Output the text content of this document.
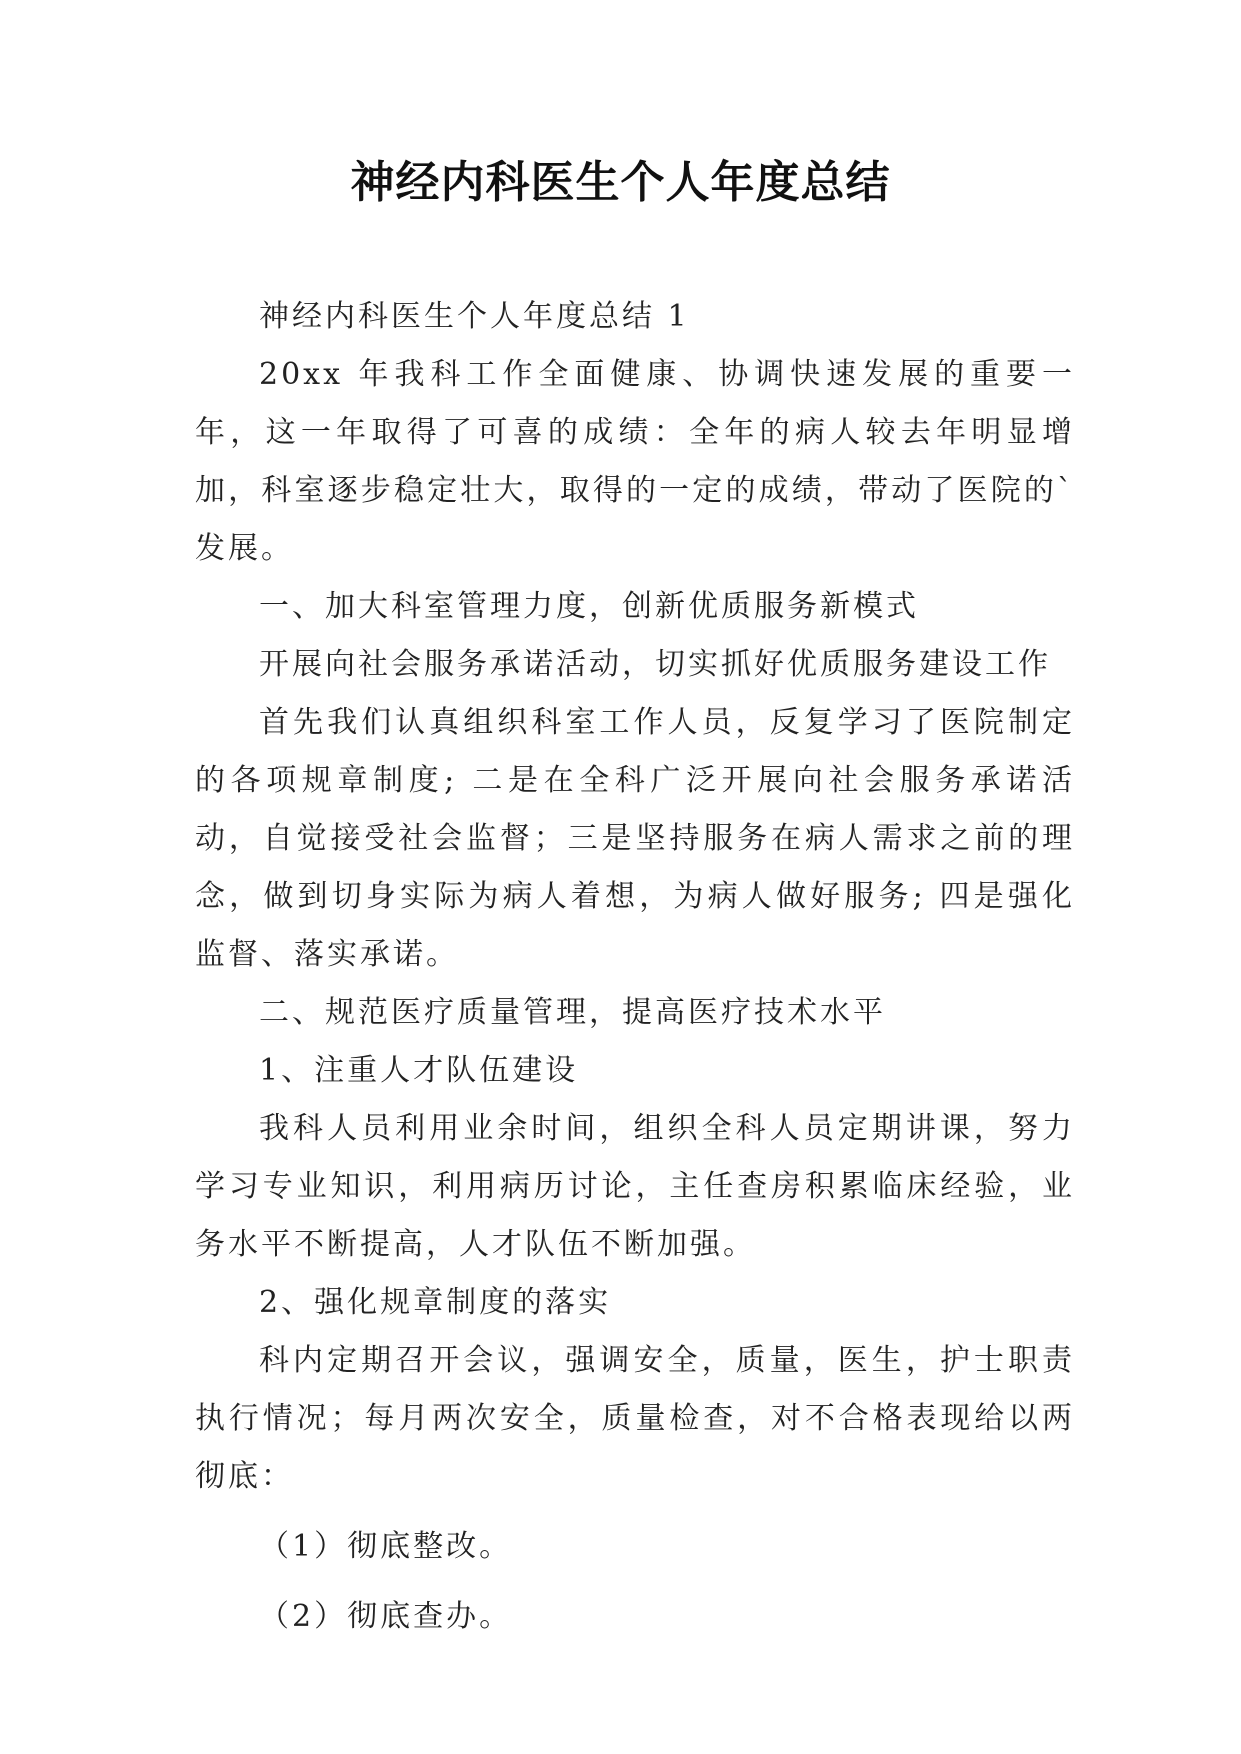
神经内科医生个人年度总结

神经内科医生个人年度总结 1

20xx 年我科工作全面健康、协调快速发展的重要一年，这一年取得了可喜的成绩：全年的病人较去年明显增加，科室逐步稳定壮大，取得的一定的成绩，带动了医院的`发展。

一、加大科室管理力度，创新优质服务新模式

开展向社会服务承诺活动，切实抓好优质服务建设工作

首先我们认真组织科室工作人员，反复学习了医院制定的各项规章制度; 二是在全科广泛开展向社会服务承诺活动，自觉接受社会监督；三是坚持服务在病人需求之前的理念，做到切身实际为病人着想，为病人做好服务; 四是强化监督、落实承诺。

二、规范医疗质量管理，提高医疗技术水平

1、注重人才队伍建设

我科人员利用业余时间，组织全科人员定期讲课，努力学习专业知识，利用病历讨论，主任查房积累临床经验，业务水平不断提高，人才队伍不断加强。

2、强化规章制度的落实

科内定期召开会议，强调安全，质量，医生，护士职责执行情况；每月两次安全，质量检查，对不合格表现给以两彻底：

（1）彻底整改。

（2）彻底查办。
